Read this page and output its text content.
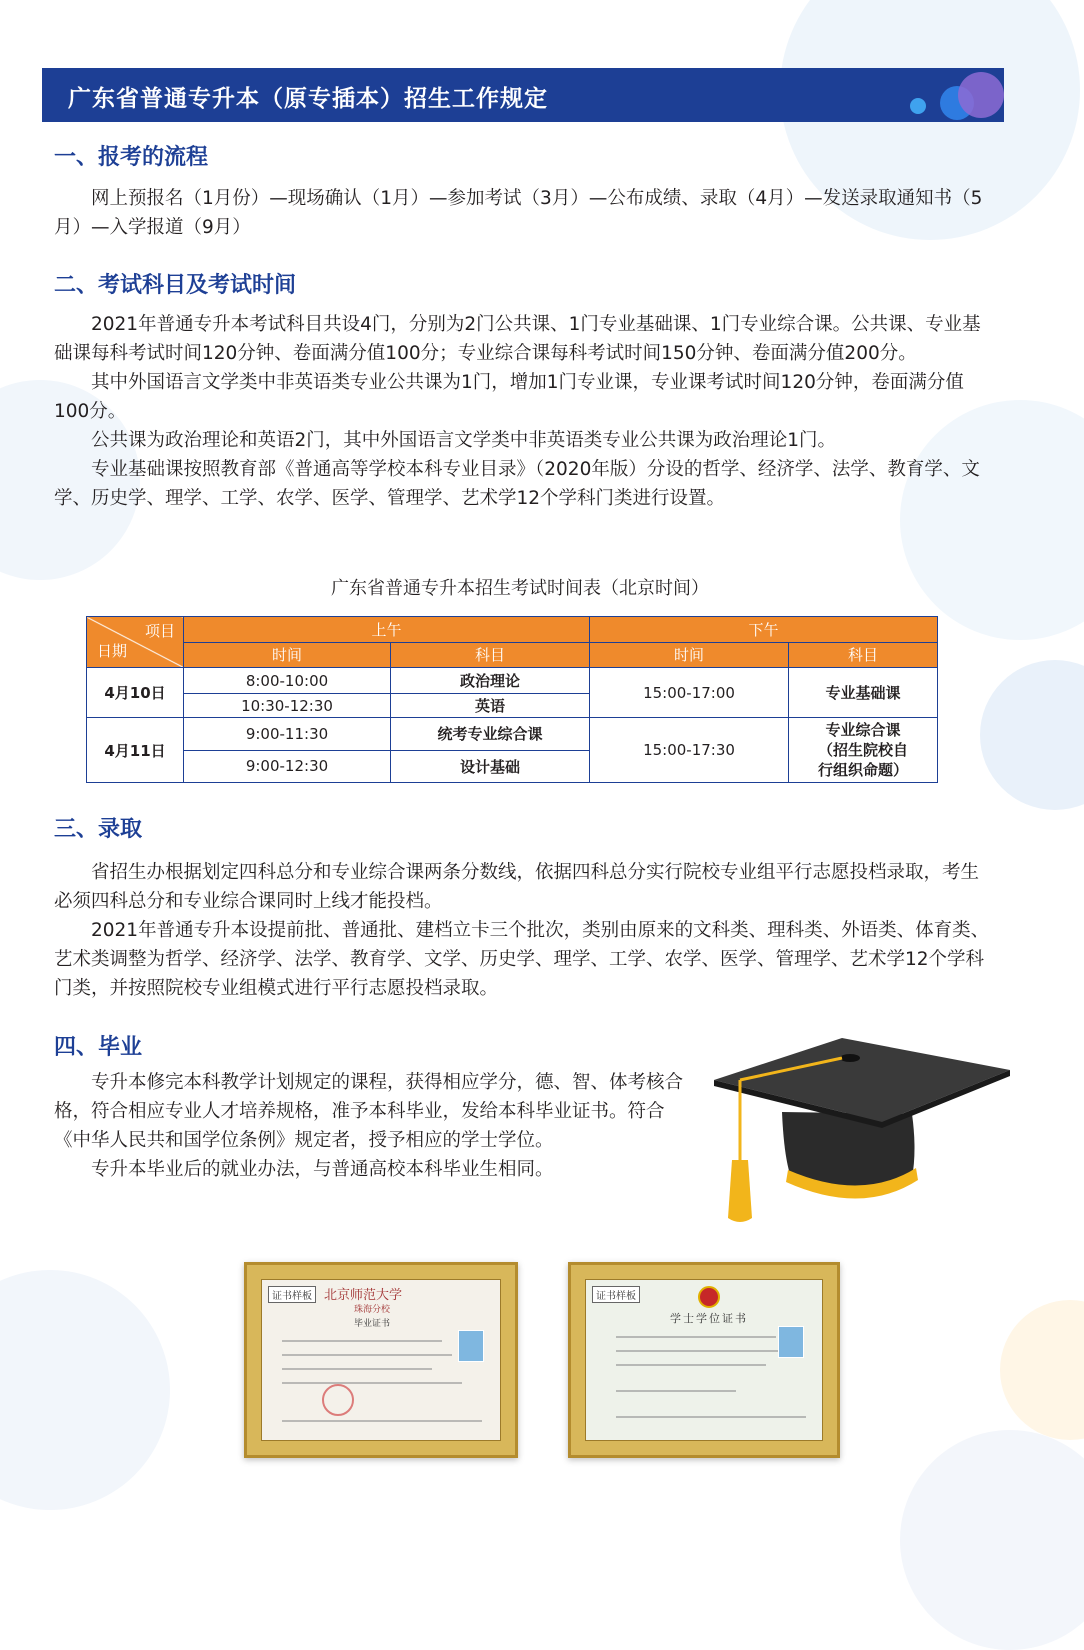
广东省普通专升本（原专插本）招生工作规定
一、报考的流程

网上预报名（1月份）—现场确认（1月）—参加考试（3月）—公布成绩、录取（4月）—发送录取通知书（5月）—入学报道（9月）

二、考试科目及考试时间

2021年普通专升本考试科目共设4门，分别为2门公共课、1门专业基础课、1门专业综合课。公共课、专业基础课每科考试时间120分钟、卷面满分值100分；专业综合课每科考试时间150分钟、卷面满分值200分。

其中外国语言文学类中非英语类专业公共课为1门，增加1门专业课，专业课考试时间120分钟，卷面满分值100分。

公共课为政治理论和英语2门，其中外国语言文学类中非英语类专业公共课为政治理论1门。

专业基础课按照教育部《普通高等学校本科专业目录》（2020年版）分设的哲学、经济学、法学、教育学、文学、历史学、理学、工学、农学、医学、管理学、艺术学12个学科门类进行设置。

广东省普通专升本招生考试时间表（北京时间）
项目
日期	上午		下午	
	时间	科目	时间	科目
4月10日	8:00-10:00	政治理论	15:00-17:00	专业基础课
	10:30-12:30	英语		
4月11日	9:00-11:30	统考专业综合课	15:00-17:30	专业综合课（招生院校自行组织命题）
	9:00-12:30	设计基础		
三、录取

省招生办根据划定四科总分和专业综合课两条分数线，依据四科总分实行院校专业组平行志愿投档录取，考生必须四科总分和专业综合课同时上线才能投档。

2021年普通专升本设提前批、普通批、建档立卡三个批次，类别由原来的文科类、理科类、外语类、体育类、艺术类调整为哲学、经济学、法学、教育学、文学、历史学、理学、工学、农学、医学、管理学、艺术学12个学科门类，并按照院校专业组模式进行平行志愿投档录取。

四、毕业

专升本修完本科教学计划规定的课程，获得相应学分，德、智、体考核合格，符合相应专业人才培养规格，准予本科毕业，发给本科毕业证书。符合《中华人民共和国学位条例》规定者，授予相应的学士学位。

专升本毕业后的就业办法，与普通高校本科毕业生相同。

证书样板 北京师范大学
珠海分校
毕业证书
证书样板
学士学位证书
